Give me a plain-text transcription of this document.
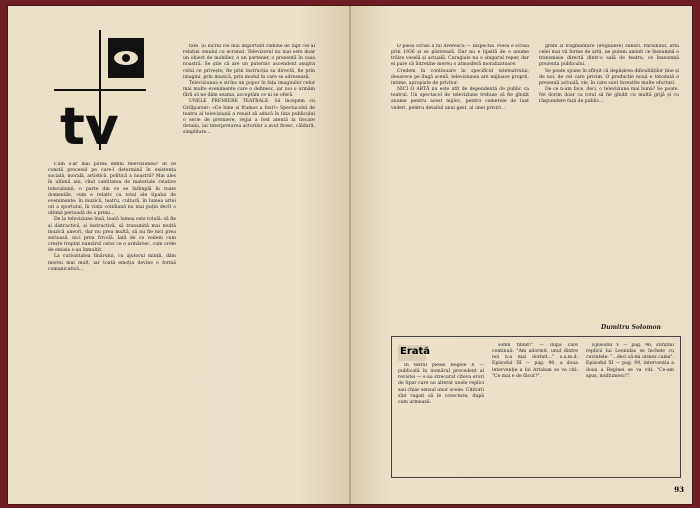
tv

Cum s-ar mai putea defini televiziunea? In ce constă procesul pe care-l determină în existența socială, morală, artistică, politică a noastră? Mai ales în ultimii ani, cînd cantitatea de materiale relative televiziunii, o parte din ce se întîmplă în toate domeniile, cum e relativ cu total ale tipului de evenimente: în muzică, teatru, cultură, în lumea artei ori a sportului, în viața cotidiană nu mai puțin decît o ultimă perioadă de a primi...

De la televiziune însă, toată lumea este totală: să fie și distractivă, și instructivă, să transmită mai multă muzică uneori, dar nu prea multă, să nu fie nici prea serioasă, nici prea frivolă. Iată de ce vedem cum crește treptat numărul celor ce o urmăresc, cum orele de emisie s-au înmulțit.

La curiozitatea tînărului, cu ajutorul minții, dăm mereu mai mult, iar toată emoția devine o formă comunicativă...

tate. Și lucrul cel mai important rămîne de fapt cel al relației omului cu ecranul. Televizorul nu mai este doar un obiect de mobilier, e un partener, o prezență în casa noastră. Se știe că are un puternic ascendent asupra celui ce privește, fie prin instrucția sa directă, fie prin imagini, prin muzică, prin modul în care se adresează.

Televiziunea e strîns un popor în fața imaginilor celor mai multe evenimente care o definesc, iar noi o urmăm fără să ne dăm seama, acceptăm ce ni se oferă.

UNELE PREMIERE TEATRALE. Să începem cu Grillparzer: «Ce bine și frumos a fost!» Spectacolul de teatru al televiziunii a reușit să aducă în fața publicului o serie de premiere, regia a fost atentă la fiecare detaliu, iar interpretarea actorilor a avut firesc, căldură, simplitate...

O piesă scrisă a lui Averescu — Inspectia. Piesa e scrisă prin 1936 și se păstrează. Dar nu e lipsită de o anume trăire veselă și actuală. Caragiale nu e singurul reper, dar el pare că întreține mereu o atmosferă moralizatoare.

Credem în continuare în specificul teleteatrului, deoarece pe lîngă scenă, televiziunea are mijloace proprii, intime, apropiate de privitor.

NICI O ARTĂ nu este atît de dependentă de public ca teatrul. Un spectacol de televiziune trebuie să fie gîndit anume pentru acest mijloc, pentru camerele de luat vederi, pentru detaliul unui gest, al unei priviri...

grafii și fragmentare (ireguliere) sunori. Parodiind, arta celei mai vii forme de artă, ne putem aminti ce înseamnă o transmisie directă dintr-o sală de teatru, ce înseamnă prezența publicului.

Se poate spune în sfîrșit că depășirea dificultăților ține și de noi, de cei care privim. O producție nouă e totodată o prezență actuală, vie, în care sunt învestite multe eforturi.

De ce n-am face, deci, o televiziune mai bună? Se poate. Ne dorim doar ca totul să fie gîndit cu multă grijă și cu răspundere față de public...

Dumitru Solomon
Erată

In textul piesei Regele X — publicată în numărul precedent al revistei — s-au strecurat cîteva erori de tipar care au alterat unele replici sau chiar sensul unor scene. Cititorii sînt rugați să le corecteze, după cum urmează:

somn tihnit!" — după care continuă: "Am adormit, unul dintre noi n-a mai dormit..." s.a.m.d. Episodul III — pag. 90, a doua intervenție a lui Artaban se va citi: "Ce mai e de făcut?".

Episodul V — pag. 96, sfîrșitul replicii lui Leonidas se încheie cu cuvintele: "...deci să-mi urmez calea". Episodul XI — pag. 99, intervenția a doua a Reginei se va citi: "Ce-am spus, mulțumesc!".

93
